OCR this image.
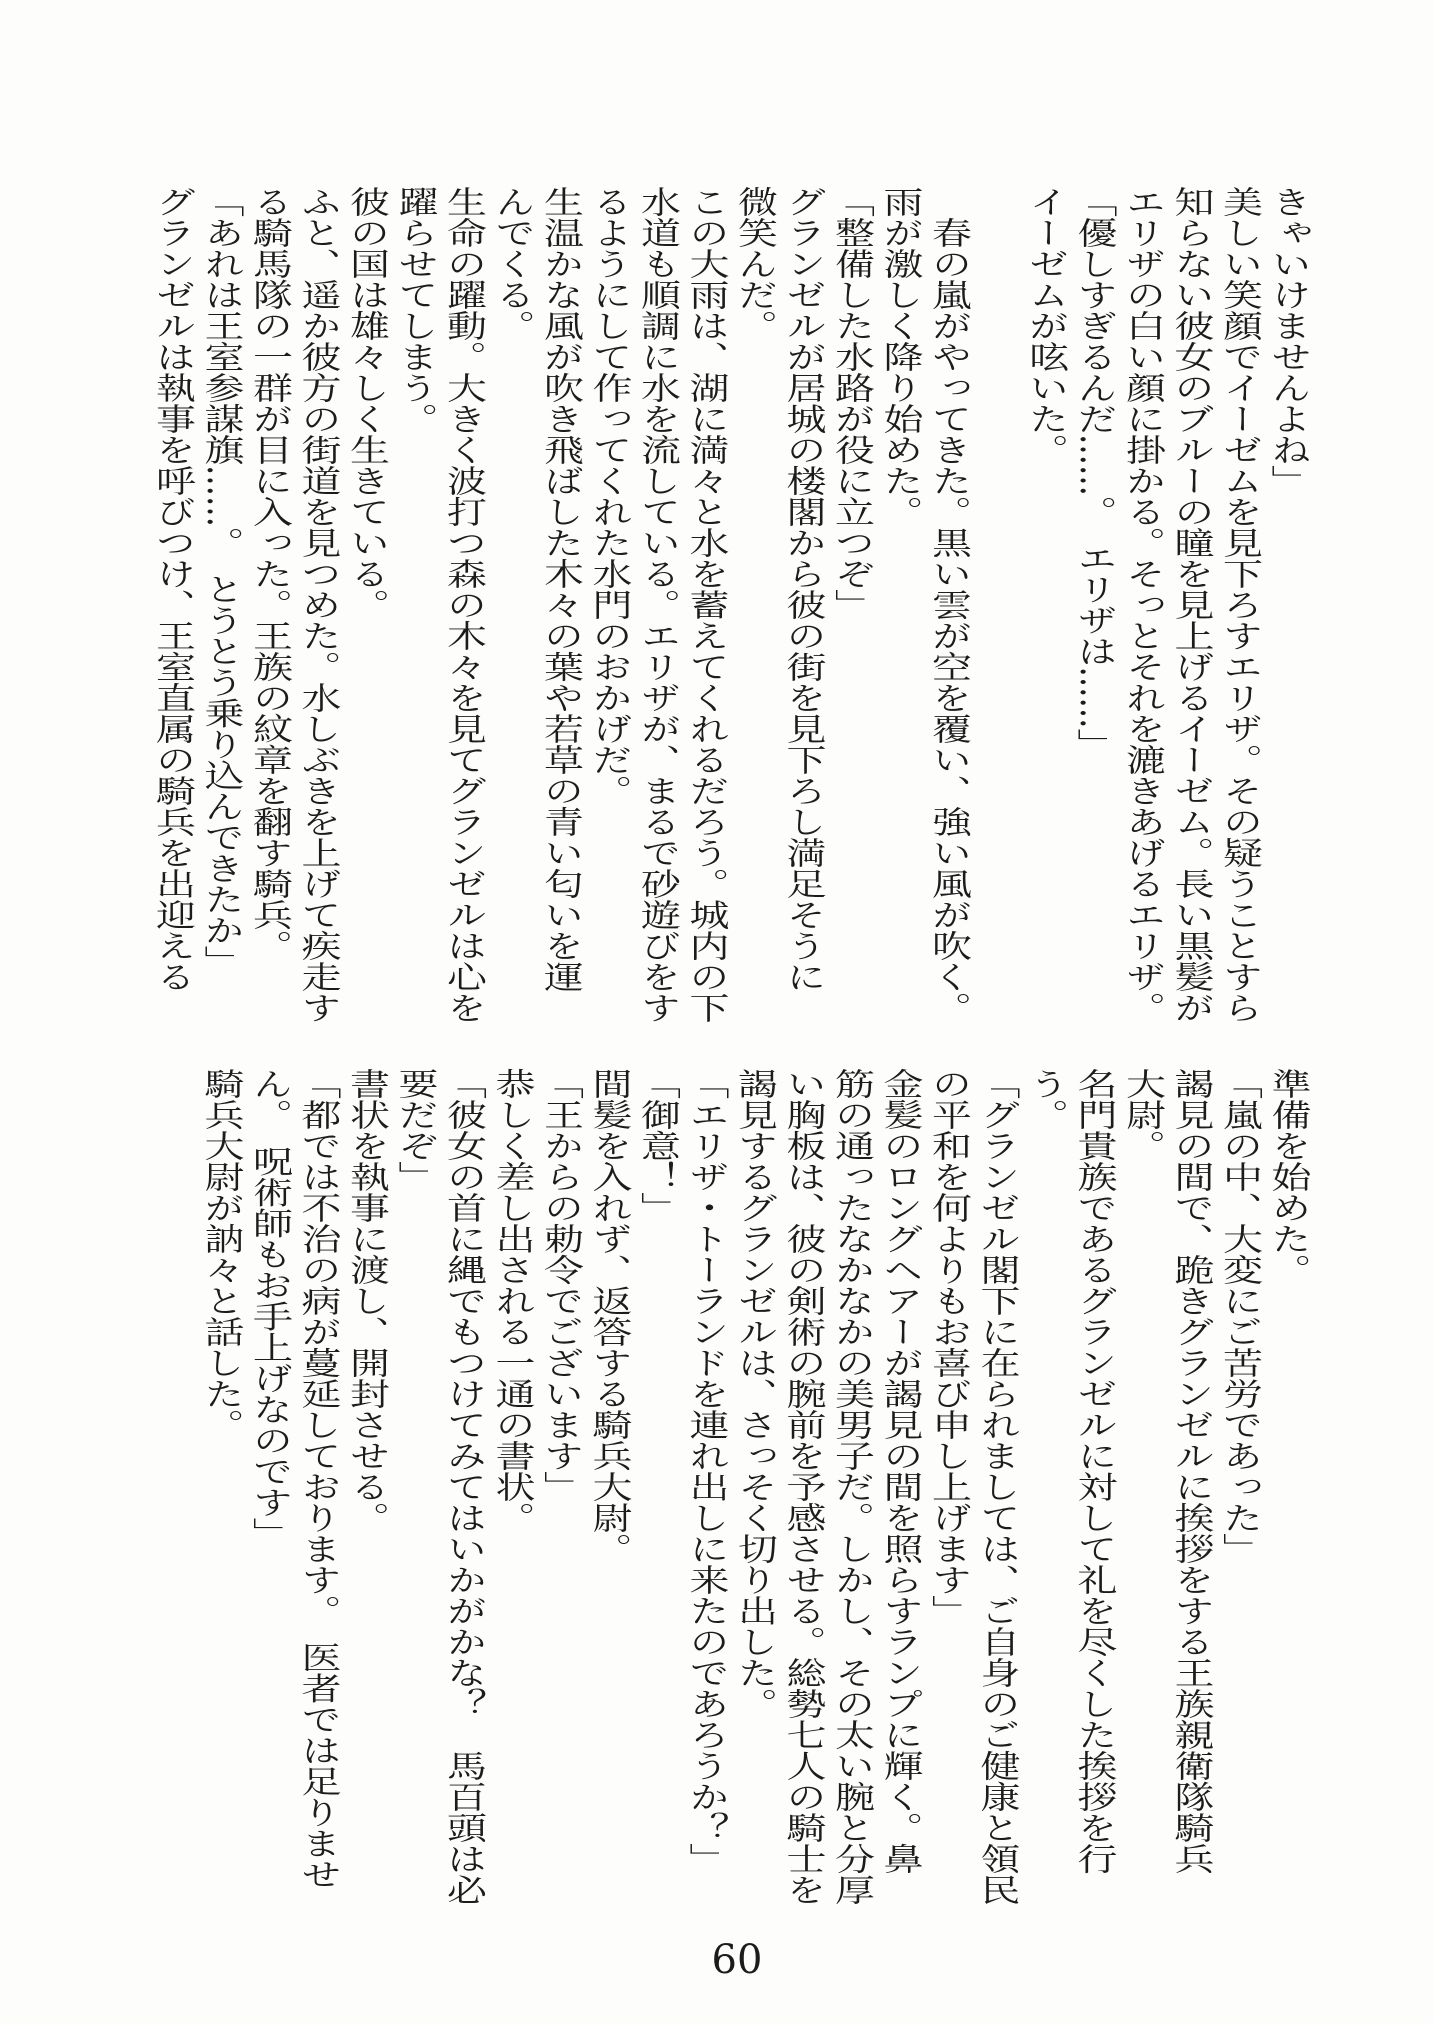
きゃいけませんよね」
美しい笑顔でイーゼムを見下ろすエリザ。その疑うことすら
知らない彼女のブルーの瞳を見上げるイーゼム。長い黒髪が
エリザの白い顔に掛かる。そっとそれを漉きあげるエリザ。
「優しすぎるんだ……。　エリザは……」
イーゼムが呟いた。
　春の嵐がやってきた。黒い雲が空を覆い、強い風が吹く。
雨が激しく降り始めた。
「整備した水路が役に立つぞ」
グランゼルが居城の楼閣から彼の街を見下ろし満足そうに
微笑んだ。
この大雨は、湖に満々と水を蓄えてくれるだろう。城内の下
水道も順調に水を流している。エリザが、まるで砂遊びをす
るようにして作ってくれた水門のおかげだ。
生温かな風が吹き飛ばした木々の葉や若草の青い匂いを運
んでくる。
生命の躍動。大きく波打つ森の木々を見てグランゼルは心を
躍らせてしまう。
彼の国は雄々しく生きている。
ふと、遥か彼方の街道を見つめた。水しぶきを上げて疾走す
る騎馬隊の一群が目に入った。王族の紋章を翻す騎兵。
「あれは王室参謀旗……。　とうとう乗り込んできたか」
グランゼルは執事を呼びつけ、王室直属の騎兵を出迎える
準備を始めた。
「嵐の中、大変にご苦労であった」
謁見の間で、跪きグランゼルに挨拶をする王族親衛隊騎兵
大尉。
名門貴族であるグランゼルに対して礼を尽くした挨拶を行
う。
「グランゼル閣下に在られましては、ご自身のご健康と領民
の平和を何よりもお喜び申し上げます」
金髪のロングヘアーが謁見の間を照らすランプに輝く。鼻
筋の通ったなかなかの美男子だ。しかし、その太い腕と分厚
い胸板は、彼の剣術の腕前を予感させる。総勢七人の騎士を
謁見するグランゼルは、さっそく切り出した。
「エリザ・トーランドを連れ出しに来たのであろうか？」
「御意！」
間髪を入れず、返答する騎兵大尉。
「王からの勅令でございます」
恭しく差し出される一通の書状。
「彼女の首に縄でもつけてみてはいかがかな？　馬百頭は必
要だぞ」
書状を執事に渡し、開封させる。
「都では不治の病が蔓延しております。　医者では足りませ
ん。　呪術師もお手上げなのです」
騎兵大尉が訥々と話した。
60
